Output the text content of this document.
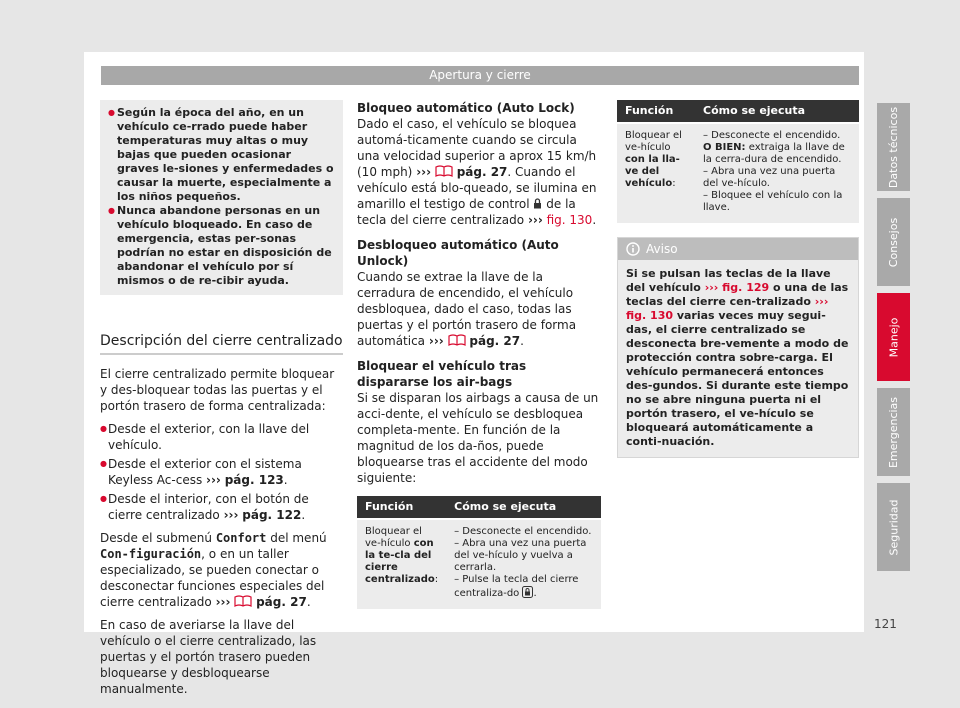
Apertura y cierre

● Según la época del año, en un vehículo ce-rrado puede haber temperaturas muy altas o muy bajas que pueden ocasionar graves le-siones y enfermedades o causar la muerte, especialmente a los niños pequeños.

● Nunca abandone personas en un vehículo bloqueado. En caso de emergencia, estas per-sonas podrían no estar en disposición de abandonar el vehículo por sí mismos o de re-cibir ayuda.

Descripción del cierre centralizado
El cierre centralizado permite bloquear y des-bloquear todas las puertas y el portón trasero de forma centralizada:
● Desde el exterior, con la llave del vehículo.
● Desde el exterior con el sistema Keyless Ac-cess ››› pág. 123.
● Desde el interior, con el botón de cierre centralizado ››› pág. 122.
Desde el submenú Confort del menú Con-figuración, o en un taller especializado, se pueden conectar o desconectar funciones especiales del cierre centralizado ››› pág. 27.
En caso de averiarse la llave del vehículo o el cierre centralizado, las puertas y el portón trasero pueden bloquearse y desbloquearse manualmente.
Bloqueo automático (Auto Lock)
Dado el caso, el vehículo se bloquea automá-ticamente cuando se circula una velocidad superior a aprox 15 km/h (10 mph) ››› pág. 27. Cuando el vehículo está blo-queado, se ilumina en amarillo el testigo de control de la tecla del cierre centralizado ››› fig. 130.
Desbloqueo automático (Auto Unlock)
Cuando se extrae la llave de la cerradura de encendido, el vehículo desbloquea, dado el caso, todas las puertas y el portón trasero de forma automática ››› pág. 27.
Bloquear el vehículo tras dispararse los air-bags
Si se disparan los airbags a causa de un acci-dente, el vehículo se desbloquea completa-mente. En función de la magnitud de los da-ños, puede bloquearse tras el accidente del modo siguiente:
Función	Cómo se ejecuta
Bloquear el ve-hículo con la te-cla del cierre centralizado:	– Desconecte el encendido.
– Abra una vez una puerta del ve-hículo y vuelva a cerrarla.
– Pulse la tecla del cierre centraliza-do .
Función	Cómo se ejecuta
Bloquear el ve-hículo con la lla-ve del vehículo:	– Desconecte el encendido.
O BIEN: extraiga la llave de la cerra-dura de encendido.
– Abra una vez una puerta del ve-hículo.
– Bloquee el vehículo con la llave.
Aviso
Si se pulsan las teclas de la llave del vehículo ››› fig. 129 o una de las teclas del cierre cen-tralizado ››› fig. 130 varias veces muy segui-das, el cierre centralizado se desconecta bre-vemente a modo de protección contra sobre-carga. El vehículo permanecerá entonces des-gundos. Si durante este tiempo no se abre ninguna puerta ni el portón trasero, el ve-hículo se bloqueará automáticamente a conti-nuación.
Datos técnicos
Consejos
Manejo
Emergencias
Seguridad
121
